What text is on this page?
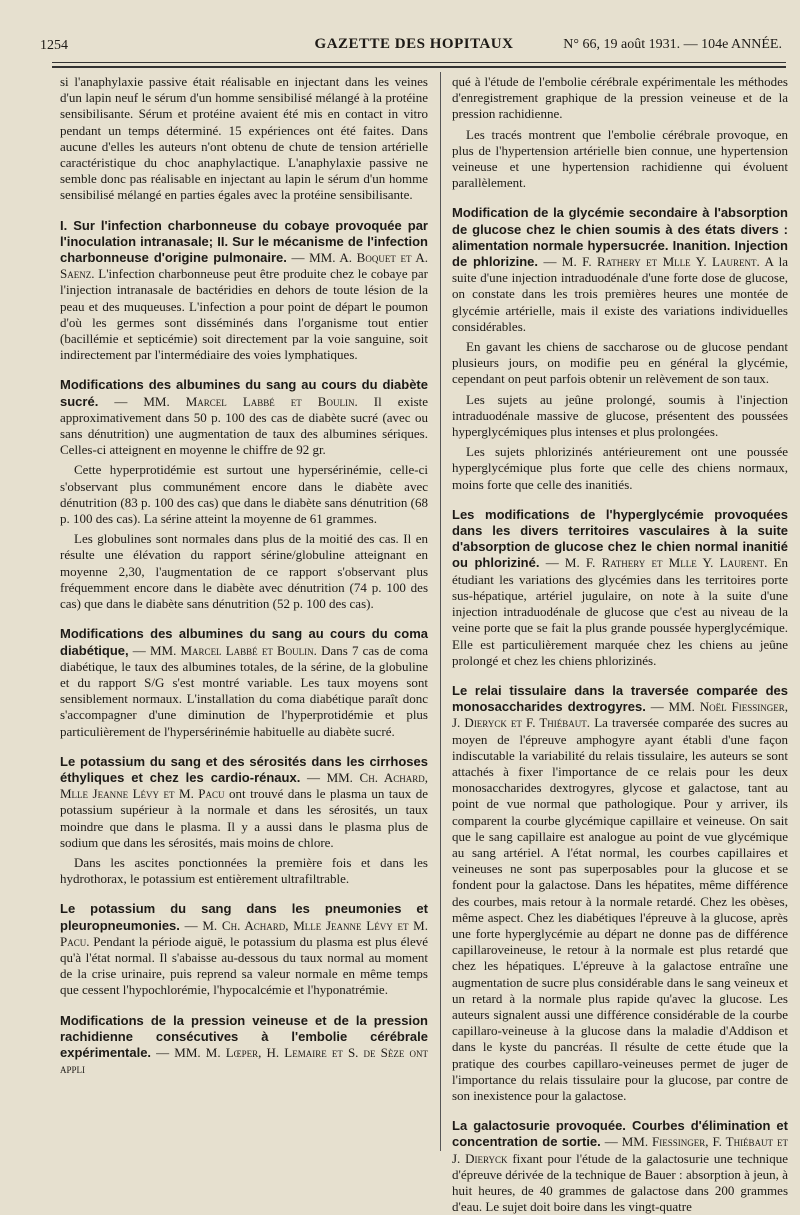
1254	GAZETTE DES HOPITAUX	N° 66, 19 août 1931. — 104e ANNÉE.

si l'anaphylaxie passive était réalisable en injectant dans les veines d'un lapin neuf le sérum d'un homme sensibilisé mélangé à la protéine sensibilisante. Sérum et protéine avaient été mis en contact in vitro pendant un temps déterminé. 15 expériences ont été faites. Dans aucune d'elles les auteurs n'ont obtenu de chute de tension artérielle caractéristique du choc anaphylactique. L'anaphylaxie passive ne semble donc pas réalisable en injectant au lapin le sérum d'un homme sensibilisé mélangé en parties égales avec la protéine sensibilisante.

I. Sur l'infection charbonneuse du cobaye provoquée par l'inoculation intranasale; II. Sur le mécanisme de l'infection charbonneuse d'origine pulmonaire. — MM. A. Boquet et A. Saenz. L'infection charbonneuse peut être produite chez le cobaye par l'injection intranasale de bactéridies en dehors de toute lésion de la peau et des muqueuses. L'infection a pour point de départ le poumon d'où les germes sont disséminés dans l'organisme tout entier (bacillémie et septicémie) soit directement par la voie sanguine, soit indirectement par l'intermédiaire des voies lymphatiques.

Modifications des albumines du sang au cours du diabète sucré. — MM. Marcel Labbé et Boulin. Il existe approximativement dans 50 p. 100 des cas de diabète sucré (avec ou sans dénutrition) une augmentation de taux des albumines sériques. Celles-ci atteignent en moyenne le chiffre de 92 gr.

Cette hyperprotidémie est surtout une hypersérinémie, celle-ci s'observant plus communément encore dans le diabète avec dénutrition (83 p. 100 des cas) que dans le diabète sans dénutrition (68 p. 100 des cas). La sérine atteint la moyenne de 61 grammes.

Les globulines sont normales dans plus de la moitié des cas. Il en résulte une élévation du rapport sérine/globuline atteignant en moyenne 2,30, l'augmentation de ce rapport s'observant plus fréquemment encore dans le diabète avec dénutrition (74 p. 100 des cas) que dans le diabète sans dénutrition (52 p. 100 des cas).

Modifications des albumines du sang au cours du coma diabétique, — MM. Marcel Labbé et Boulin. Dans 7 cas de coma diabétique, le taux des albumines totales, de la sérine, de la globuline et du rapport S/G s'est montré variable. Les taux moyens sont sensiblement normaux. L'installation du coma diabétique paraît donc s'accompagner d'une diminution de l'hyperprotidémie et plus particulièrement de l'hypersérinémie habituelle au diabète sucré.

Le potassium du sang et des sérosités dans les cirrhoses éthyliques et chez les cardio-rénaux. — MM. Ch. Achard, Mlle Jeanne Lévy et M. Pacu ont trouvé dans le plasma un taux de potassium supérieur à la normale et dans les sérosités, un taux moindre que dans le plasma. Il y a aussi dans le plasma plus de sodium que dans les sérosités, mais moins de chlore.

Dans les ascites ponctionnées la première fois et dans les hydrothorax, le potassium est entièrement ultrafiltrable.

Le potassium du sang dans les pneumonies et pleuropneumonies. — M. Ch. Achard, Mlle Jeanne Lévy et M. Pacu. Pendant la période aiguë, le potassium du plasma est plus élevé qu'à l'état normal. Il s'abaisse au-dessous du taux normal au moment de la crise urinaire, puis reprend sa valeur normale en même temps que cessent l'hypochlorémie, l'hypocalcémie et l'hyponatrémie.

Modifications de la pression veineuse et de la pression rachidienne consécutives à l'embolie cérébrale expérimentale. — MM. M. Lœper, H. Lemaire et S. de Sèze ont appli

qué à l'étude de l'embolie cérébrale expérimentale les méthodes d'enregistrement graphique de la pression veineuse et de la pression rachidienne.

Les tracés montrent que l'embolie cérébrale provoque, en plus de l'hypertension artérielle bien connue, une hypertension veineuse et une hypertension rachidienne qui évoluent parallèlement.

Modification de la glycémie secondaire à l'absorption de glucose chez le chien soumis à des états divers : alimentation normale hypersucrée. Inanition. Injection de phlorizine. — M. F. Rathery et Mlle Y. Laurent. A la suite d'une injection intraduodénale d'une forte dose de glucose, on constate dans les trois premières heures une montée de glycémie artérielle, mais il existe des variations individuelles considérables.

En gavant les chiens de saccharose ou de glucose pendant plusieurs jours, on modifie peu en général la glycémie, cependant on peut parfois obtenir un relèvement de son taux.

Les sujets au jeûne prolongé, soumis à l'injection intraduodénale massive de glucose, présentent des poussées hyperglycémiques plus intenses et plus prolongées.

Les sujets phlorizinés antérieurement ont une poussée hyperglycémique plus forte que celle des chiens normaux, moins forte que celle des inanitiés.

Les modifications de l'hyperglycémie provoquées dans les divers territoires vasculaires à la suite d'absorption de glucose chez le chien normal inanitié ou phloriziné. — M. F. Rathery et Mlle Y. Laurent. En étudiant les variations des glycémies dans les territoires porte sus-hépatique, artériel jugulaire, on note à la suite d'une injection intraduodénale de glucose que c'est au niveau de la veine porte que se fait la plus grande poussée hyperglycémique. Elle est particulièrement marquée chez les chiens au jeûne prolongé et chez les chiens phlorizinés.

Le relai tissulaire dans la traversée comparée des monosaccharides dextrogyres. — MM. Noël Fiessinger, J. Dieryck et F. Thiébaut. La traversée comparée des sucres au moyen de l'épreuve amphogyre ayant établi d'une façon indiscutable la variabilité du relais tissulaire, les auteurs se sont attachés à fixer l'importance de ce relais pour les deux monosaccharides dextrogyres, glycose et galactose, tant au point de vue normal que pathologique. Pour y arriver, ils comparent la courbe glycémique capillaire et veineuse. On sait que le sang capillaire est analogue au point de vue glycémique au sang artériel. A l'état normal, les courbes capillaires et veineuses ne sont pas superposables pour la glucose et se fondent pour la galactose. Dans les hépatites, même différence des courbes, mais retour à la normale retardé. Chez les obèses, même aspect. Chez les diabétiques l'épreuve à la glucose, après une forte hyperglycémie au départ ne donne pas de différence capillaroveineuse, le retour à la normale est plus retardé que chez les hépatiques. L'épreuve à la galactose entraîne une augmentation de sucre plus considérable dans le sang veineux et un retard à la normale plus rapide qu'avec la glucose. Les auteurs signalent aussi une différence considérable de la courbe capillaro-veineuse à la glucose dans la maladie d'Addison et dans le kyste du pancréas. Il résulte de cette étude que la pratique des courbes capillaro-veineuses permet de juger de l'importance du relais tissulaire pour la glucose, par contre de son inexistence pour la galactose.

La galactosurie provoquée. Courbes d'élimination et concentration de sortie. — MM. Fiessinger, F. Thiébaut et J. Dieryck fixant pour l'étude de la galactosurie une technique d'épreuve dérivée de la technique de Bauer : absorption à jeun, à huit heures, de 40 grammes de galactose dans 200 grammes d'eau. Le sujet doit boire dans les vingt-quatre
